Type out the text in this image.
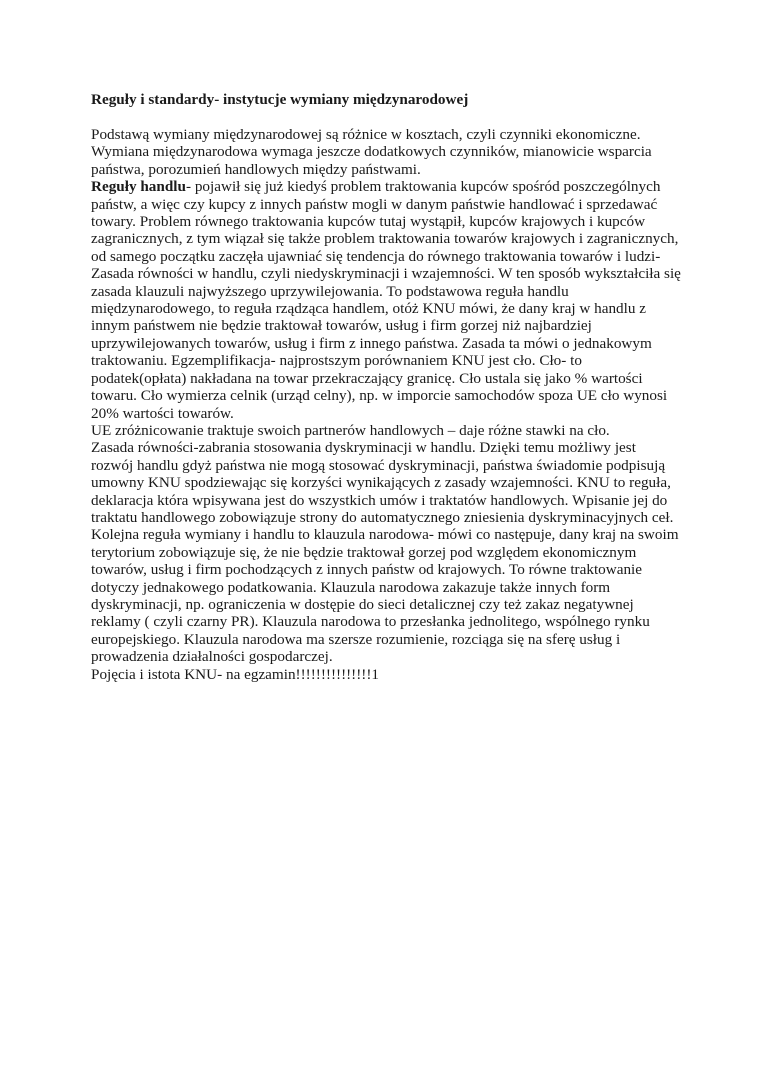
Reguły i standardy- instytucje wymiany międzynarodowej

Podstawą wymiany międzynarodowej są różnice w kosztach, czyli czynniki ekonomiczne. Wymiana międzynarodowa wymaga jeszcze dodatkowych czynników, mianowicie wsparcia państwa, porozumień handlowych między państwami.

Reguły handlu- pojawił się już kiedyś problem traktowania kupców spośród poszczególnych państw, a więc czy kupcy z innych państw mogli w danym państwie handlować i sprzedawać towary. Problem równego traktowania kupców tutaj wystąpił, kupców krajowych i kupców zagranicznych, z tym wiązał się także problem traktowania towarów krajowych i zagranicznych, od samego początku zaczęła ujawniać się tendencja do równego traktowania towarów i ludzi- Zasada równości w handlu, czyli niedyskryminacji i wzajemności. W ten sposób wykształciła się zasada klauzuli najwyższego uprzywilejowania. To podstawowa reguła handlu międzynarodowego, to reguła rządząca handlem, otóż KNU mówi, że dany kraj w handlu z innym państwem nie będzie traktował towarów, usług i firm gorzej niż najbardziej uprzywilejowanych towarów, usług i firm z innego państwa. Zasada ta mówi o jednakowym traktowaniu. Egzemplifikacja- najprostszym porównaniem KNU jest cło. Cło- to podatek(opłata) nakładana na towar przekraczający granicę. Cło ustala się jako % wartości towaru. Cło wymierza celnik (urząd celny), np. w imporcie samochodów spoza UE cło wynosi 20% wartości towarów.

UE zróżnicowanie traktuje swoich partnerów handlowych – daje różne stawki na cło.

Zasada równości-zabrania stosowania dyskryminacji w handlu. Dzięki temu możliwy jest rozwój handlu gdyż państwa nie mogą stosować dyskryminacji, państwa świadomie podpisują umowny KNU spodziewając się korzyści wynikających z zasady wzajemności. KNU to reguła, deklaracja która wpisywana jest do wszystkich umów i traktatów handlowych. Wpisanie jej do traktatu handlowego zobowiązuje strony do automatycznego zniesienia dyskryminacyjnych ceł.

Kolejna reguła wymiany i handlu to klauzula narodowa- mówi co następuje, dany kraj na swoim terytorium zobowiązuje się, że nie będzie traktował gorzej pod względem ekonomicznym towarów, usług i firm pochodzących z innych państw od krajowych. To równe traktowanie dotyczy jednakowego podatkowania. Klauzula narodowa zakazuje także innych form dyskryminacji, np. ograniczenia w dostępie do sieci detalicznej czy też zakaz negatywnej reklamy ( czyli czarny PR). Klauzula narodowa to przesłanka jednolitego, wspólnego rynku europejskiego. Klauzula narodowa ma szersze rozumienie, rozciąga się na sferę usług i prowadzenia działalności gospodarczej.

Pojęcia i istota KNU- na egzamin!!!!!!!!!!!!!!!1
